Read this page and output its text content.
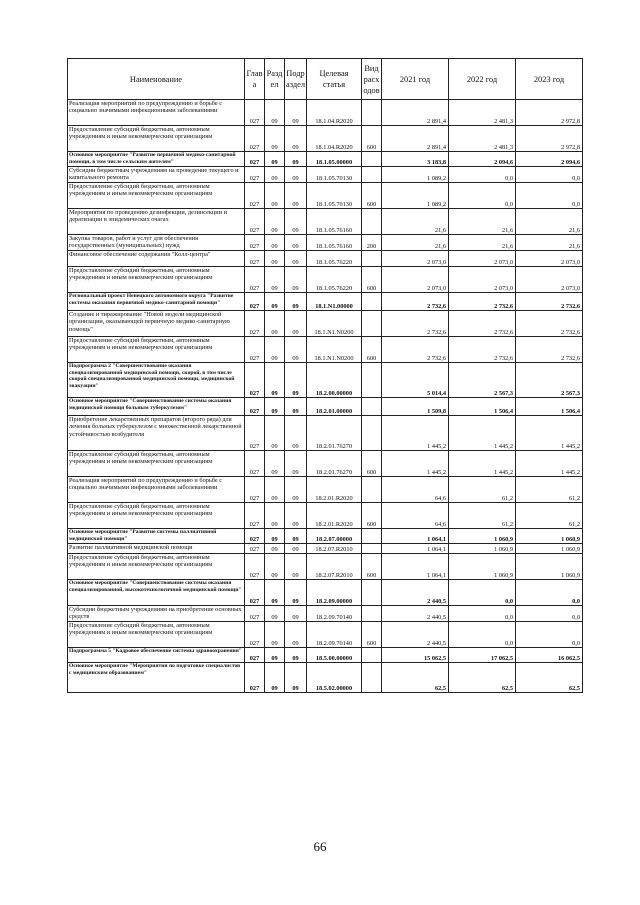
Наименование	Глав а	Разд ел	Подр аздел	Целевая статья	Вид расх одов	2021 год	2022 год	2023 год
Реализация мероприятий по предупреждению и борьбе с социально значимыми инфекционными заболеваниями	027	09	09	18.1.04.R2020		2 891,4	2 481,3	2 972,8
Предоставление субсидий бюджетным, автономным учреждениям и иным некоммерческим организациям	027	09	09	18.1.04.R2020	600	2 891,4	2 481,3	2 972,8
Основное мероприятие "Развитие первичной медико-санитарной помощи, в том числе сельским жителям"	027	09	09	18.1.05.00000		3 183,8	2 094,6	2 094,6
Субсидии бюджетным учреждениям на проведение текущего и капитального ремонта	027	09	09	18.1.05.70130		1 089,2	0,0	0,0
Предоставление субсидий бюджетным, автономным учреждениям и иным некоммерческим организациям	027	09	09	18.1.05.70130	600	1 089,2	0,0	0,0
Мероприятия по проведению дезинфекции, дезинсекции и дератизации в эпидемических очагах	027	09	09	18.1.05.76160		21,6	21,6	21,6
Закупка товаров, работ и услуг для обеспечения государственных (муниципальных) нужд	027	09	09	18.1.05.76160	200	21,6	21,6	21,6
Финансовое обеспечение содержания "Колл-центра"	027	09	09	18.1.05.76220		2 073,0	2 073,0	2 073,0
Предоставление субсидий бюджетным, автономным учреждениям и иным некоммерческим организациям	027	09	09	18.1.05.76220	600	2 073,0	2 073,0	2 073,0
Региональный проект Ненецкого автономного округа "Развитие системы оказания первичной медико-санитарной помощи"	027	09	09	18.1.N1.00000		2 732,6	2 732,6	2 732,6
Создание и тиражирование "Новой модели медицинской организации, оказывающей первичную медико-санитарную помощь"	027	09	09	18.1.N1.N0200		2 732,6	2 732,6	2 732,6
Предоставление субсидий бюджетным, автономным учреждениям и иным некоммерческим организациям	027	09	09	18.1.N1.N0200	600	2 732,6	2 732,6	2 732,6
Подпрограмма 2 "Совершенствование оказания специализированной медицинской помощи, скорой, в том числе скорой специализированной медицинской помощи, медицинской эвакуации"	027	09	09	18.2.00.00000		5 014,4	2 567,3	2 567,3
Основное мероприятие "Совершенствование системы оказания медицинской помощи больным туберкулезом"	027	09	09	18.2.01.00000		1 509,8	1 506,4	1 506,4
Приобретение лекарственных препаратов (второго ряда) для лечения больных туберкулезом с множественной лекарственной устойчивостью возбудителя	027	09	09	18.2.01.76270		1 445,2	1 445,2	1 445,2
Предоставление субсидий бюджетным, автономным учреждениям и иным некоммерческим организациям	027	09	09	18.2.01.76270	600	1 445,2	1 445,2	1 445,2
Реализация мероприятий по предупреждению и борьбе с социально значимыми инфекционными заболеваниями	027	09	09	18.2.01.R2020		64,6	61,2	61,2
Предоставление субсидий бюджетным, автономным учреждениям и иным некоммерческим организациям	027	09	09	18.2.01.R2020	600	64,6	61,2	61,2
Основное мероприятие "Развитие системы паллиативной медицинской помощи"	027	09	09	18.2.07.00000		1 064,1	1 060,9	1 060,9
Развитие паллиативной медицинской помощи	027	09	09	18.2.07.R2010		1 064,1	1 060,9	1 060,9
Предоставление субсидий бюджетным, автономным учреждениям и иным некоммерческим организациям	027	09	09	18.2.07.R2010	600	1 064,1	1 060,9	1 060,9
Основное мероприятие "Совершенствование системы оказания специализированной, высокотехнологичной медицинской помощи"	027	09	09	18.2.09.00000		2 440,5	0,0	0,0
Субсидии бюджетным учреждениям на приобретение основных средств	027	09	09	18.2.09.70140		2 440,5	0,0	0,0
Предоставление субсидий бюджетным, автономным учреждениям и иным некоммерческим организациям	027	09	09	18.2.09.70140	600	2 440,5	0,0	0,0
Подпрограмма 5 "Кадровое обеспечение системы здравоохранения"	027	09	09	18.5.00.00000		15 062,5	17 062,5	16 062,5
Основное мероприятие "Мероприятия по подготовке специалистов с медицинским образованием"	027	09	09	18.5.02.00000		62,5	62,5	62,5
66
